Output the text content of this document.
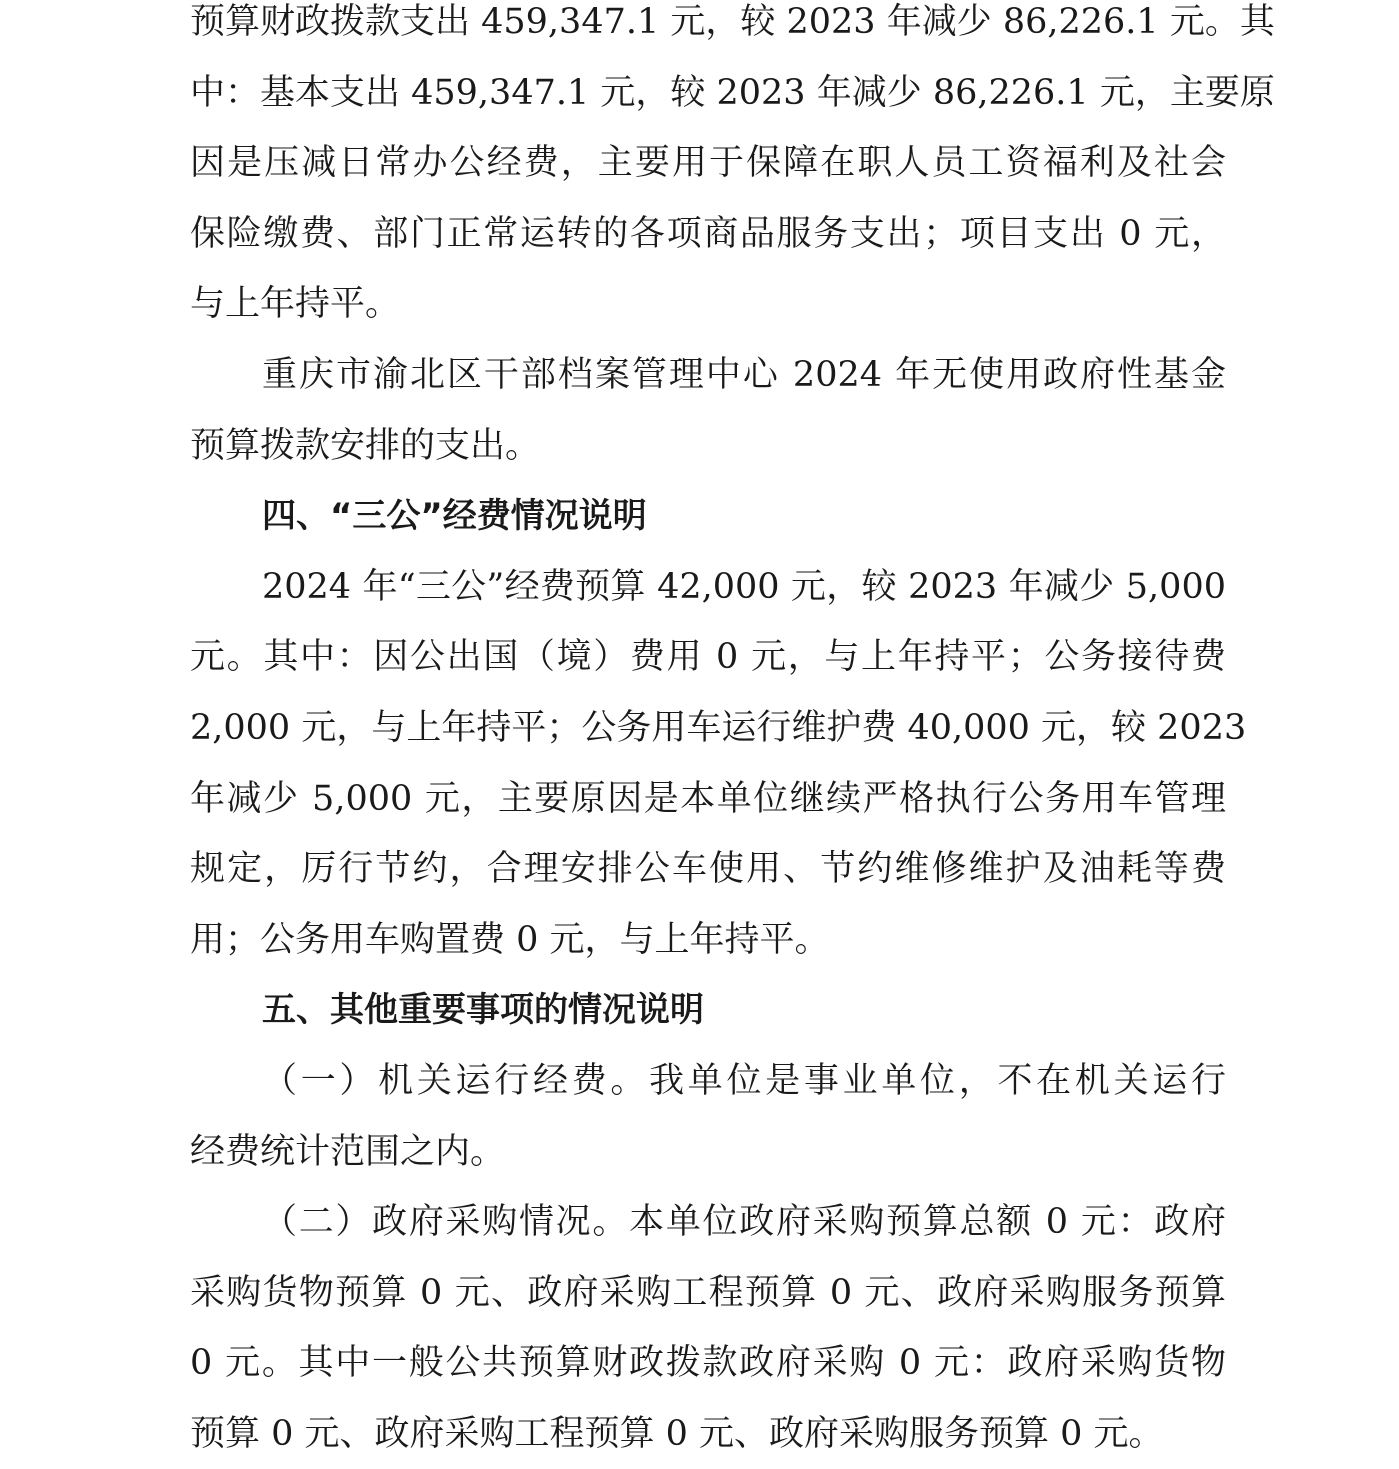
预算财政拨款支出 459,347.1 元，较 2023 年减少 86,226.1 元。其
中：基本支出 459,347.1 元，较 2023 年减少 86,226.1 元，主要原
因是压减日常办公经费，主要用于保障在职人员工资福利及社会
保险缴费、部门正常运转的各项商品服务支出；项目支出 0 元，
与上年持平。
重庆市渝北区干部档案管理中心 2024 年无使用政府性基金
预算拨款安排的支出。
四、“三公”经费情况说明
2024 年“三公”经费预算 42,000 元，较 2023 年减少 5,000
元。其中：因公出国（境）费用 0 元，与上年持平；公务接待费
2,000 元，与上年持平；公务用车运行维护费 40,000 元，较 2023
年减少 5,000 元，主要原因是本单位继续严格执行公务用车管理
规定，厉行节约，合理安排公车使用、节约维修维护及油耗等费
用；公务用车购置费 0 元，与上年持平。
五、其他重要事项的情况说明
（一）机关运行经费。我单位是事业单位，不在机关运行
经费统计范围之内。
（二）政府采购情况。本单位政府采购预算总额 0 元：政府
采购货物预算 0 元、政府采购工程预算 0 元、政府采购服务预算
0 元。其中一般公共预算财政拨款政府采购 0 元：政府采购货物
预算 0 元、政府采购工程预算 0 元、政府采购服务预算 0 元。
